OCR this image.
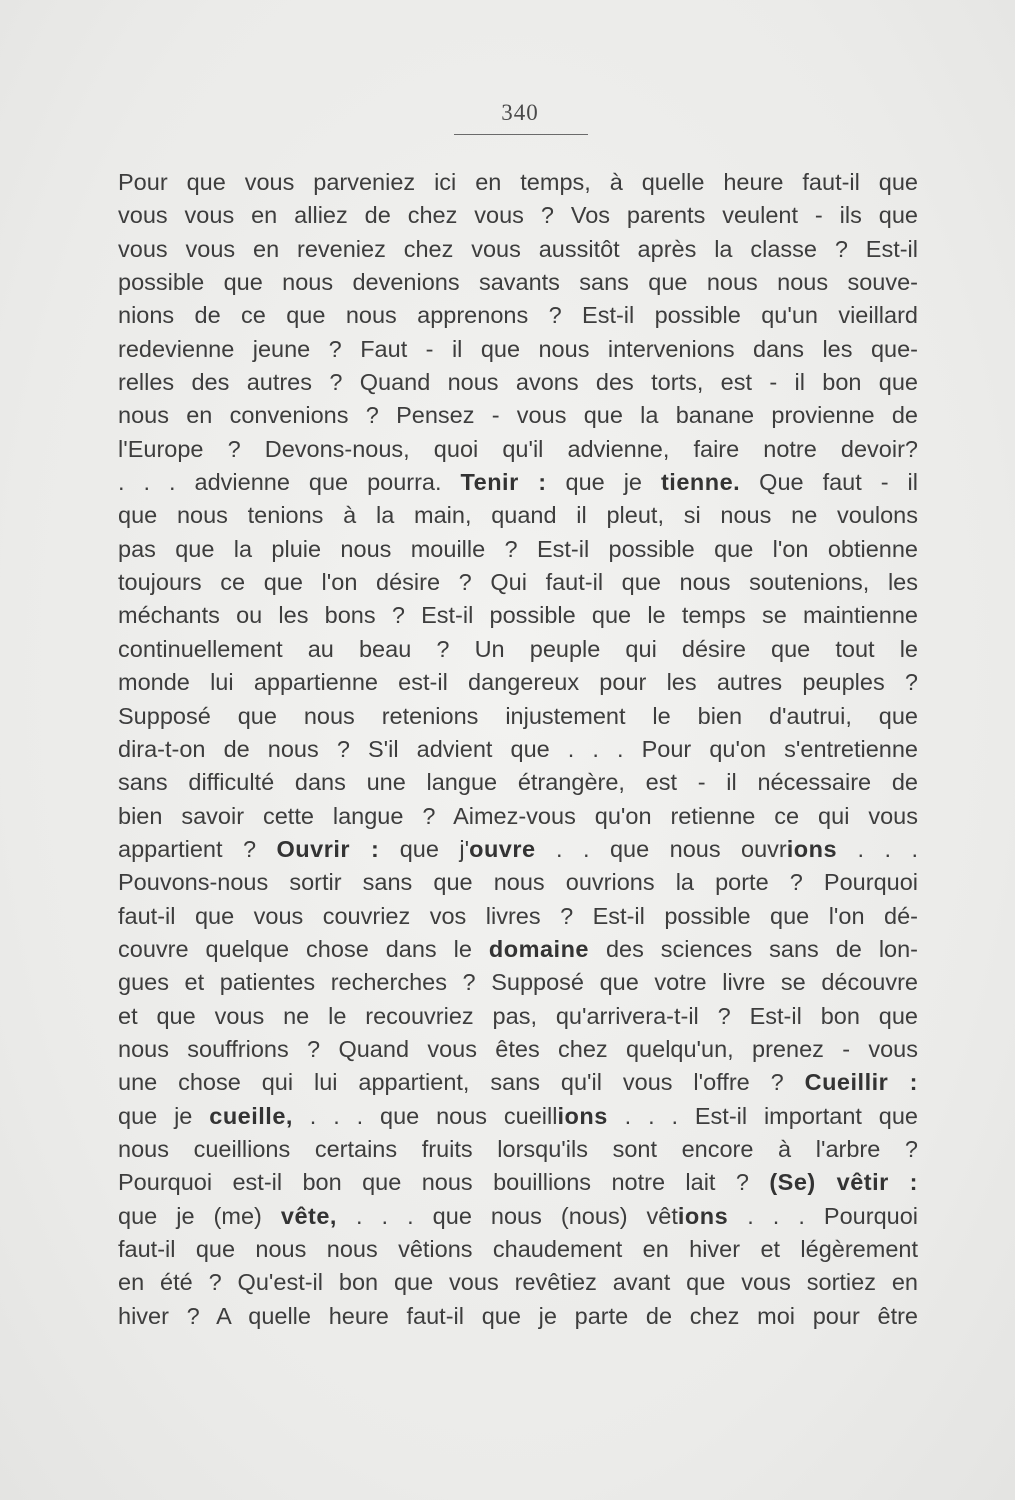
340
Pour que vous parveniez ici en temps, à quelle heure faut-il que
vous vous en alliez de chez vous ? Vos parents veulent - ils que
vous vous en reveniez chez vous aussitôt après la classe ? Est-il
possible que nous devenions savants sans que nous nous souve-
nions de ce que nous apprenons ? Est-il possible qu'un vieillard
redevienne jeune ? Faut - il que nous intervenions dans les que-
relles des autres ? Quand nous avons des torts, est - il bon que
nous en convenions ? Pensez - vous que la banane provienne de
l'Europe ? Devons-nous, quoi qu'il advienne, faire notre devoir?
. . . advienne que pourra. Tenir : que je tienne. Que faut - il
que nous tenions à la main, quand il pleut, si nous ne voulons
pas que la pluie nous mouille ? Est-il possible que l'on obtienne
toujours ce que l'on désire ? Qui faut-il que nous soutenions, les
méchants ou les bons ? Est-il possible que le temps se maintienne
continuellement au beau ? Un peuple qui désire que tout le
monde lui appartienne est-il dangereux pour les autres peuples ?
Supposé que nous retenions injustement le bien d'autrui, que
dira-t-on de nous ? S'il advient que . . . Pour qu'on s'entretienne
sans difficulté dans une langue étrangère, est - il nécessaire de
bien savoir cette langue ? Aimez-vous qu'on retienne ce qui vous
appartient ? Ouvrir : que j'ouvre . . que nous ouvrions . . .
Pouvons-nous sortir sans que nous ouvrions la porte ? Pourquoi
faut-il que vous couvriez vos livres ? Est-il possible que l'on dé-
couvre quelque chose dans le domaine des sciences sans de lon-
gues et patientes recherches ? Supposé que votre livre se découvre
et que vous ne le recouvriez pas, qu'arrivera-t-il ? Est-il bon que
nous souffrions ? Quand vous êtes chez quelqu'un, prenez - vous
une chose qui lui appartient, sans qu'il vous l'offre ? Cueillir :
que je cueille, . . . que nous cueillions . . . Est-il important que
nous cueillions certains fruits lorsqu'ils sont encore à l'arbre ?
Pourquoi est-il bon que nous bouillions notre lait ? (Se) vêtir :
que je (me) vête, . . . que nous (nous) vêtions . . . Pourquoi
faut-il que nous nous vêtions chaudement en hiver et légèrement
en été ? Qu'est-il bon que vous revêtiez avant que vous sortiez en
hiver ? A quelle heure faut-il que je parte de chez moi pour être
